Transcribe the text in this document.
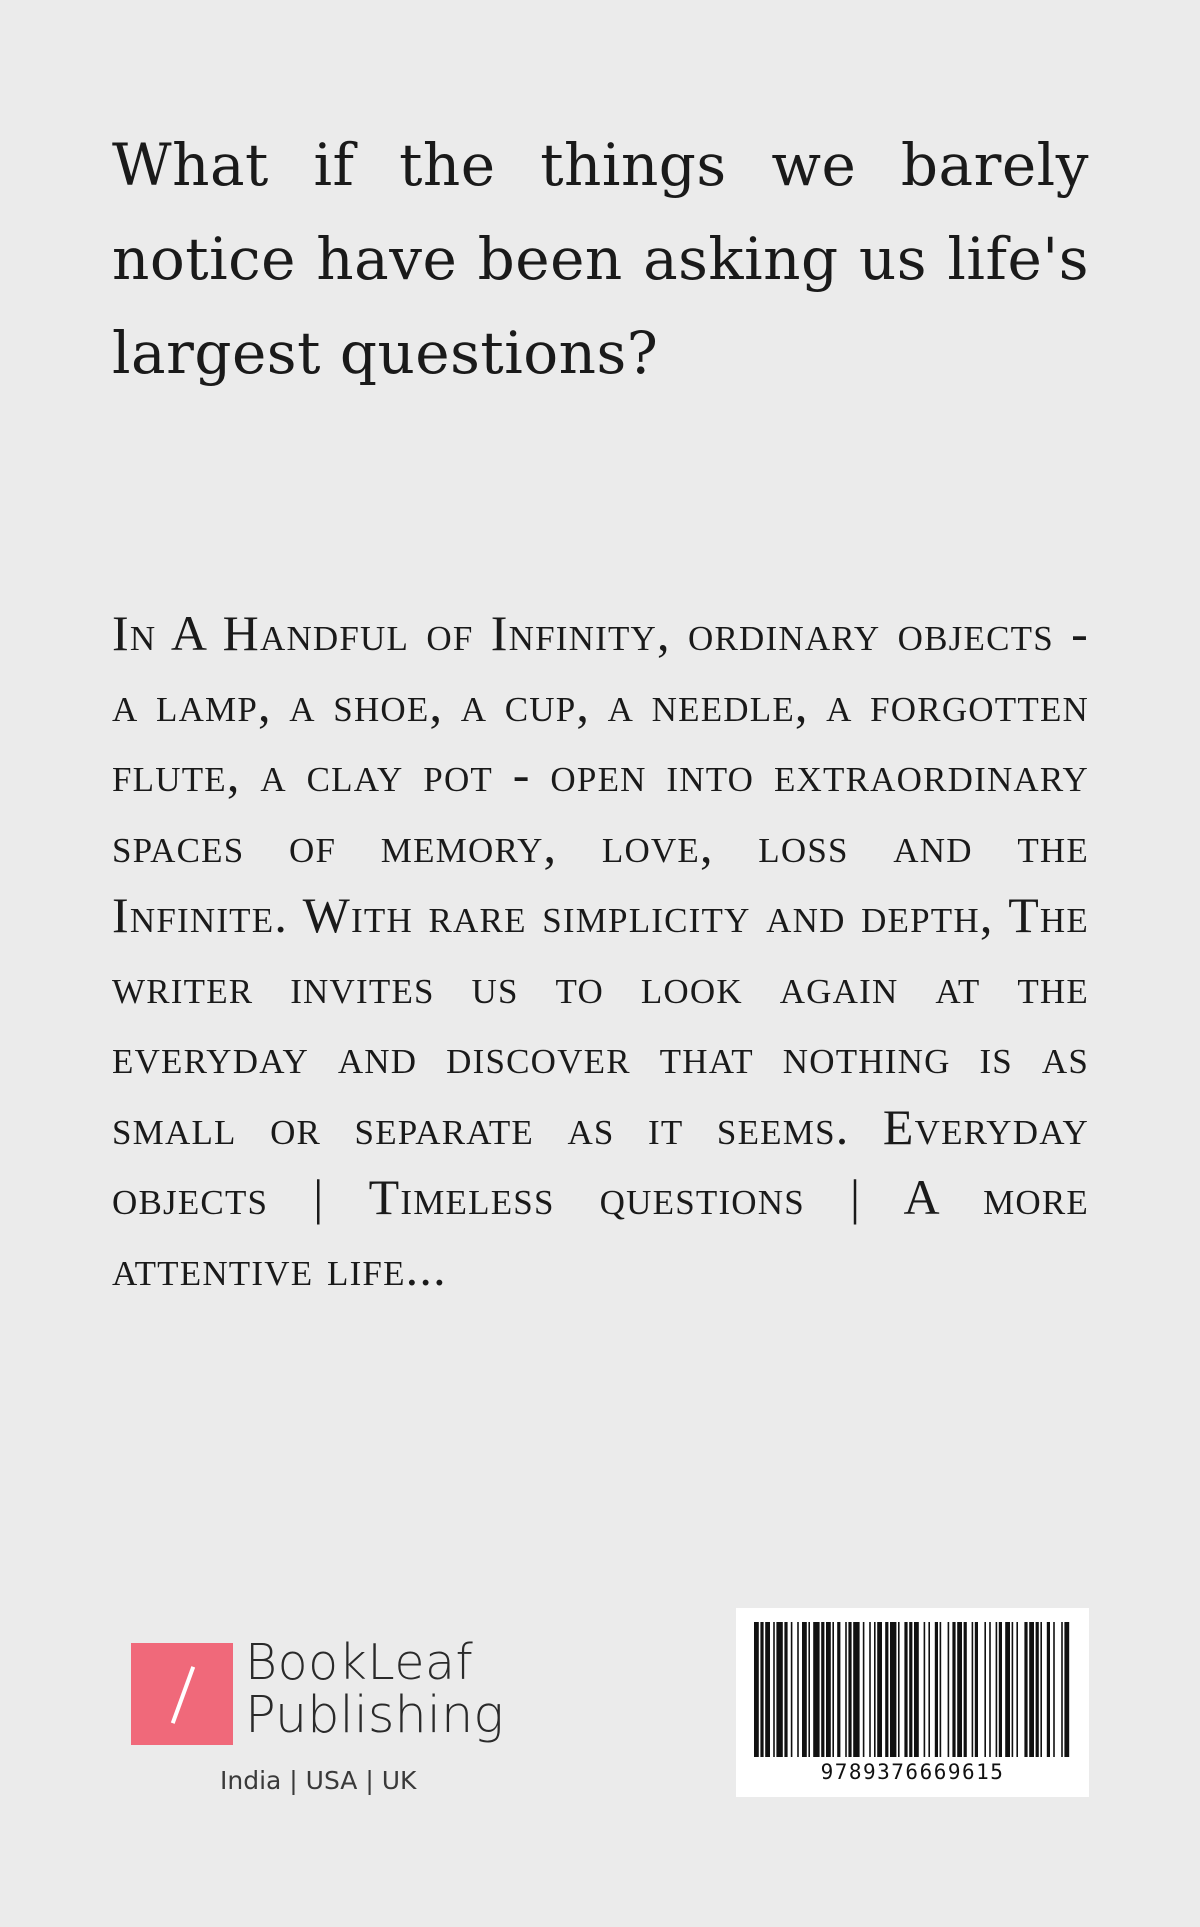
What if the things we barely notice have been asking us life's largest questions?

In A Handful of Infinity, ordinary objects - a lamp, a shoe, a cup, a needle, a forgotten flute, a clay pot - open into extraordinary spaces of memory, love, loss and the Infinite. With rare simplicity and depth, The writer invites us to look again at the everyday and discover that nothing is as small or separate as it seems. Everyday objects | Timeless questions | A more attentive life...

BookLeaf
Publishing
India | USA | UK	9789376669615
